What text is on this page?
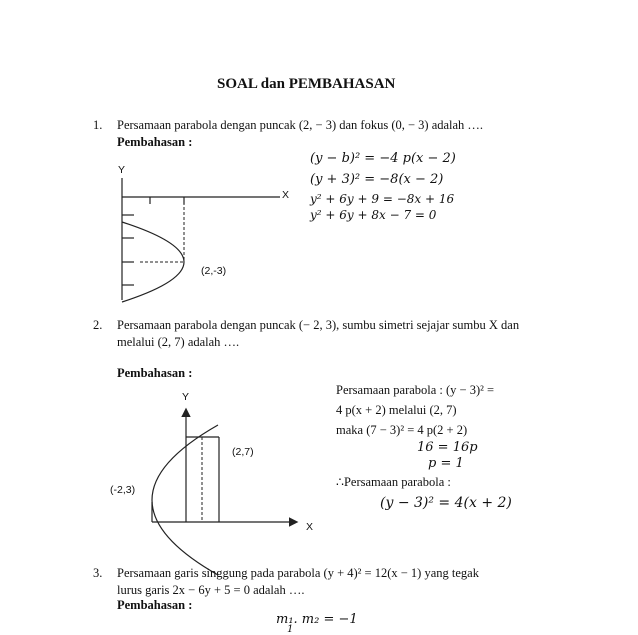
SOAL dan PEMBAHASAN
1. Persamaan parabola dengan puncak (2, − 3) dan fokus (0, − 3) adalah ….
Pembahasan :
Y
X
(2,-3)
(y − b)² = −4 p(x − 2)
(y + 3)² = −8(x − 2)
y² + 6y + 9 = −8x + 16
y² + 6y + 8x − 7 = 0
2. Persamaan parabola dengan puncak (− 2, 3), sumbu simetri sejajar sumbu X dan
melalui (2, 7) adalah ….
Pembahasan :
Y
X
(2,7)
(-2,3)
Persamaan parabola : (y − 3)² =
4 p(x + 2) melalui (2, 7)
maka (7 − 3)² = 4 p(2 + 2)
16 = 16p
p = 1
∴Persamaan parabola :
(y − 3)² = 4(x + 2)
3. Persamaan garis singgung pada parabola (y + 4)² = 12(x − 1) yang tegak
lurus garis 2x − 6y + 5 = 0 adalah ….
Pembahasan :
m₁. m₂ = −1
1
